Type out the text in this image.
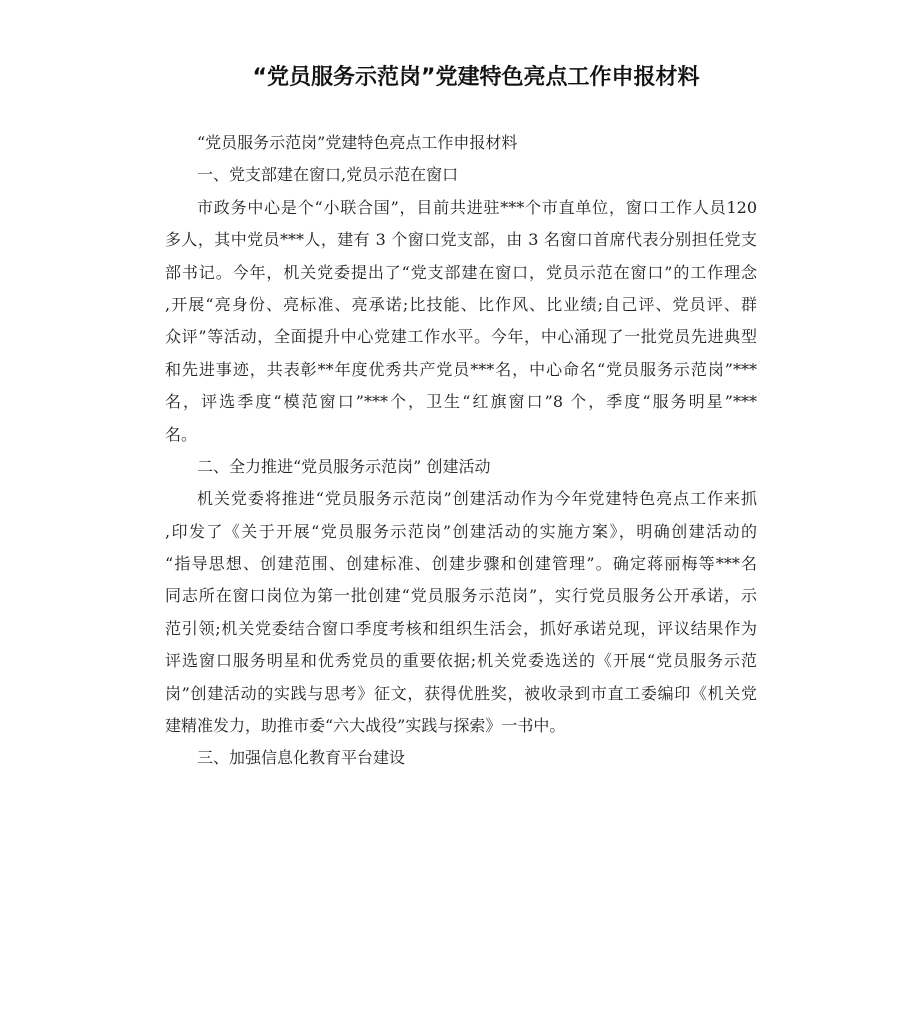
“党员服务示范岗”党建特色亮点工作申报材料
“党员服务示范岗”党建特色亮点工作申报材料
一、党支部建在窗口,党员示范在窗口
市政务中心是个“小联合国”，目前共进驻***个市直单位，窗口工作人员120
多人，其中党员***人，建有 3 个窗口党支部，由 3 名窗口首席代表分别担任党支
部书记。今年，机关党委提出了“党支部建在窗口，党员示范在窗口”的工作理念
,开展“亮身份、亮标准、亮承诺;比技能、比作风、比业绩;自己评、党员评、群
众评”等活动，全面提升中心党建工作水平。今年，中心涌现了一批党员先进典型
和先进事迹，共表彰**年度优秀共产党员***名，中心命名“党员服务示范岗”***
名，评选季度“模范窗口”***个，卫生“红旗窗口”8 个，季度“服务明星”***
名。
二、全力推进“党员服务示范岗” 创建活动
机关党委将推进“党员服务示范岗”创建活动作为今年党建特色亮点工作来抓
,印发了《关于开展“党员服务示范岗”创建活动的实施方案》，明确创建活动的
“指导思想、创建范围、创建标准、创建步骤和创建管理”。确定蒋丽梅等***名
同志所在窗口岗位为第一批创建“党员服务示范岗”，实行党员服务公开承诺，示
范引领;机关党委结合窗口季度考核和组织生活会，抓好承诺兑现，评议结果作为
评选窗口服务明星和优秀党员的重要依据;机关党委选送的《开展“党员服务示范
岗”创建活动的实践与思考》征文，获得优胜奖，被收录到市直工委编印《机关党
建精准发力，助推市委“六大战役”实践与探索》一书中。
三、加强信息化教育平台建设
